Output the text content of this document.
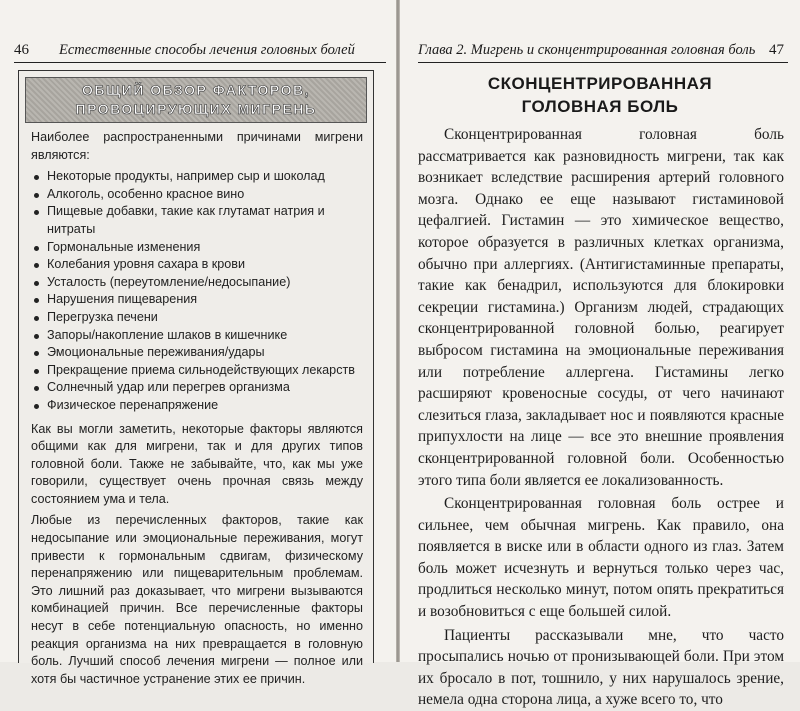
46 Естественные способы лечения головных болей
ОБЩИЙ ОБЗОР ФАКТОРОВ,
ПРОВОЦИРУЮЩИХ МИГРЕНЬ

Наиболее распространенными причинами мигрени являются:

Некоторые продукты, например сыр и шоколад
Алкоголь, особенно красное вино
Пищевые добавки, такие как глутамат натрия и нитраты
Гормональные изменения
Колебания уровня сахара в крови
Усталость (переутомление/недосыпание)
Нарушения пищеварения
Перегрузка печени
Запоры/накопление шлаков в кишечнике
Эмоциональные переживания/удары
Прекращение приема сильнодействующих лекарств
Солнечный удар или перегрев организма
Физическое перенапряжение

Как вы могли заметить, некоторые факторы являются общими как для мигрени, так и для других типов головной боли. Также не забывайте, что, как мы уже говорили, существует очень прочная связь между состоянием ума и тела.

Любые из перечисленных факторов, такие как недосыпание или эмоциональные переживания, могут привести к гормональным сдвигам, физическому перенапряжению или пищеварительным проблемам. Это лишний раз доказывает, что мигрени вызываются комбинацией причин. Все перечисленные факторы несут в себе потенциальную опасность, но именно реакция организма на них превращается в головную боль. Лучший способ лечения мигрени — полное или хотя бы частичное устранение этих ее причин.

Глава 2. Мигрень и сконцентрированная головная боль 47
СКОНЦЕНТРИРОВАННАЯ
ГОЛОВНАЯ БОЛЬ

Сконцентрированная головная боль рассматривается как разновидность мигрени, так как возникает вследствие расширения артерий головного мозга. Однако ее еще называют гистаминовой цефалгией. Гистамин — это химическое вещество, которое образуется в различных клетках организма, обычно при аллергиях. (Антигистаминные препараты, такие как бенадрил, используются для блокировки секреции гистамина.) Организм людей, страдающих сконцентрированной головной болью, реагирует выбросом гистамина на эмоциональные переживания или потребление аллергена. Гистамины легко расширяют кровеносные сосуды, от чего начинают слезиться глаза, закладывает нос и появляются красные припухлости на лице — все это внешние проявления сконцентрированной головной боли. Особенностью этого типа боли является ее локализованность.

Сконцентрированная головная боль острее и сильнее, чем обычная мигрень. Как правило, она появляется в виске или в области одного из глаз. Затем боль может исчезнуть и вернуться только через час, продлиться несколько минут, потом опять прекратиться и возобновиться с еще большей силой.

Пациенты рассказывали мне, что часто просыпались ночью от пронизывающей боли. При этом их бросало в пот, тошнило, у них нарушалось зрение, немела одна сторона лица, а хуже всего то, что
